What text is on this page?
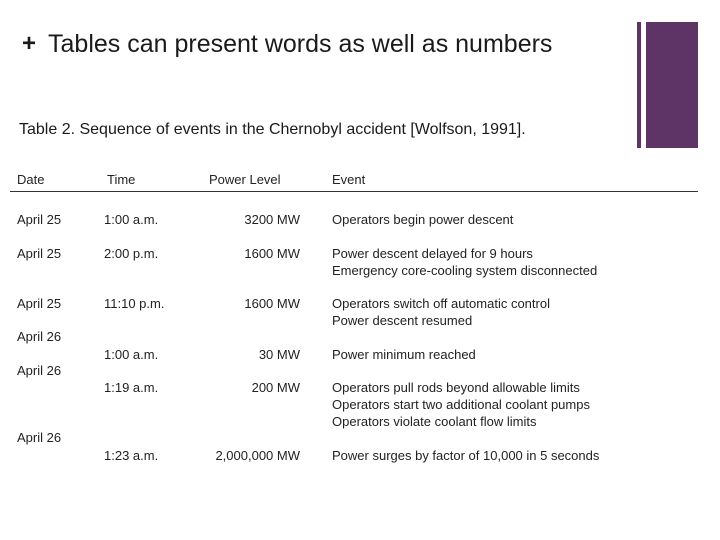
+ Tables can present words as well as numbers
Table 2. Sequence of events in the Chernobyl accident [Wolfson, 1991].
Date	Time	Power Level	Event
April 25	1:00 a.m.	3200 MW Operators begin power descent
April 25	2:00 p.m.	1600 MW Power descent delayed for 9 hours
Emergency core-cooling system disconnected
April 25	11:10 p.m.	1600 MW Operators switch off automatic control
Power descent resumed
April 26
1:00 a.m.	30 MW Power minimum reached
April 26
1:19 a.m.	200 MW Operators pull rods beyond allowable limits
Operators start two additional coolant pumps
Operators violate coolant flow limits
April 26
1:23 a.m.	2,000,000 MW Power surges by factor of 10,000 in 5 seconds
